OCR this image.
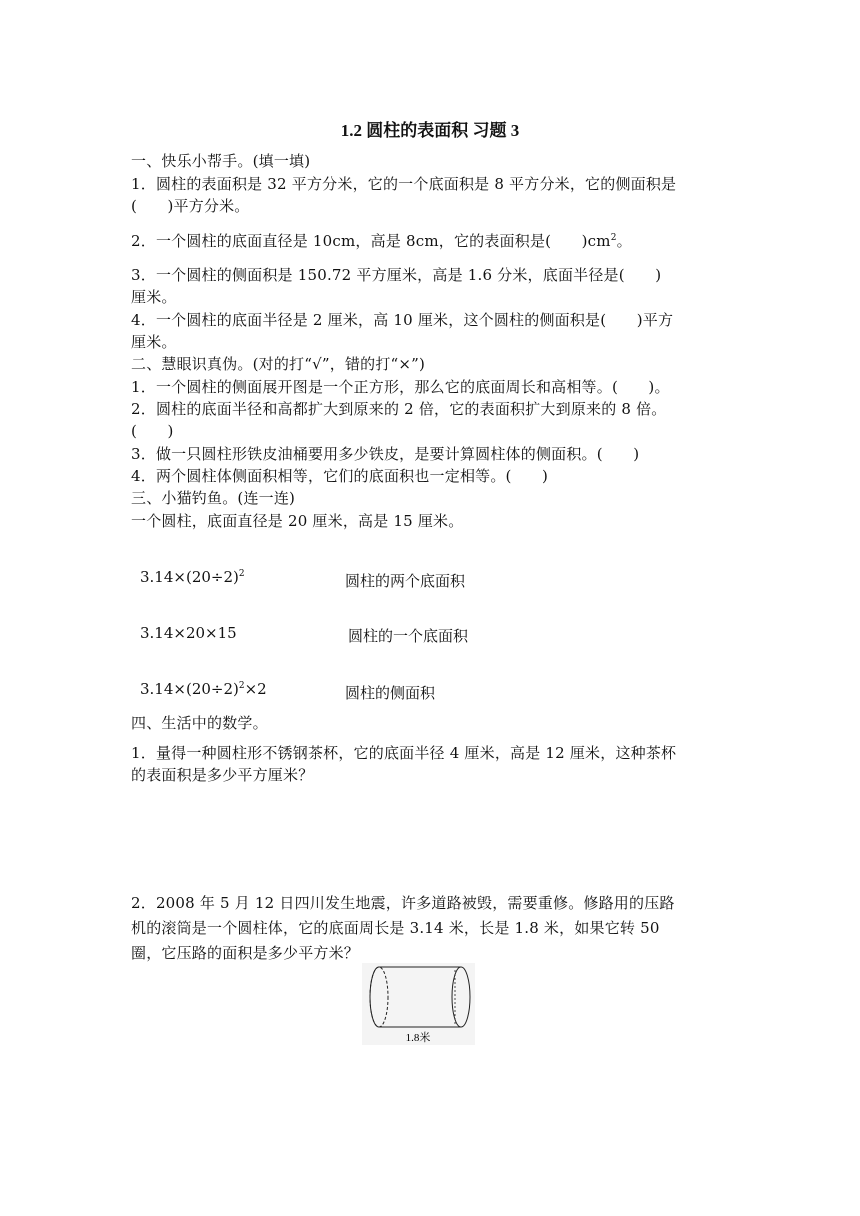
1.2 圆柱的表面积 习题 3
一、快乐小帮手。(填一填)
1．圆柱的表面积是 32 平方分米，它的一个底面积是 8 平方分米，它的侧面积是
(　　)平方分米。
2．一个圆柱的底面直径是 10cm，高是 8cm，它的表面积是(　　)$cm^2$。
3．一个圆柱的侧面积是 150.72 平方厘米，高是 1.6 分米，底面半径是(　　)
厘米。
4．一个圆柱的底面半径是 2 厘米，高 10 厘米，这个圆柱的侧面积是(　　)平方
厘米。
二、慧眼识真伪。(对的打“√”，错的打“×”)
1．一个圆柱的侧面展开图是一个正方形，那么它的底面周长和高相等。(　　)。
2．圆柱的底面半径和高都扩大到原来的 2 倍，它的表面积扩大到原来的 8 倍。
(　　)
3．做一只圆柱形铁皮油桶要用多少铁皮，是要计算圆柱体的侧面积。(　　)
4．两个圆柱体侧面积相等，它们的底面积也一定相等。(　　)
三、小猫钓鱼。(连一连)
一个圆柱，底面直径是 20 厘米，高是 15 厘米。
$3.14\times(20\div 2)^2$
3.14×20×15
$3.14\times(20\div 2)^2\times 2$
圆柱的两个底面积
圆柱的一个底面积
圆柱的侧面积
四、生活中的数学。
1．量得一种圆柱形不锈钢茶杯，它的底面半径 4 厘米，高是 12 厘米，这种茶杯
的表面积是多少平方厘米？
2．2008 年 5 月 12 日四川发生地震，许多道路被毁，需要重修。修路用的压路
机的滚筒是一个圆柱体，它的底面周长是 3.14 米，长是 1.8 米，如果它转 50
圈，它压路的面积是多少平方米？
1.8米
